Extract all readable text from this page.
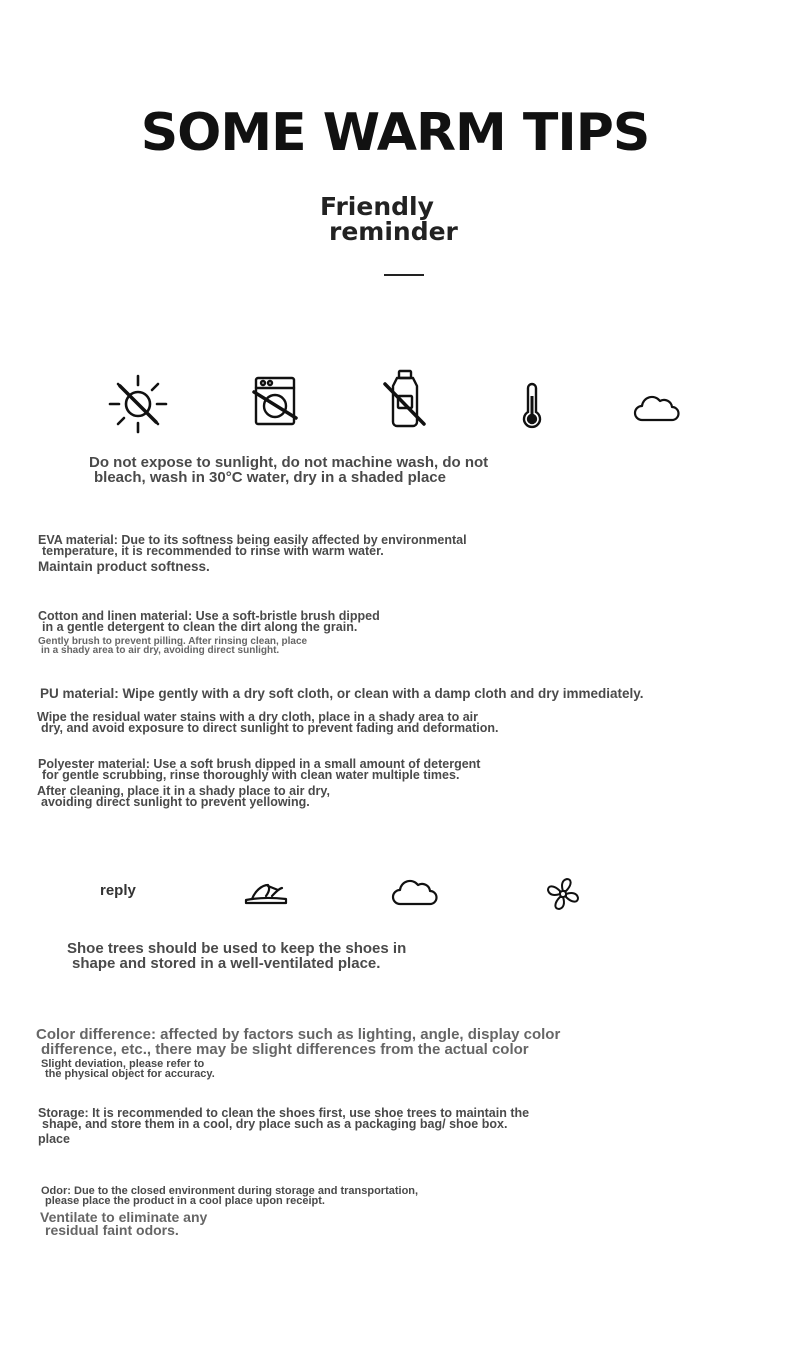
SOME WARM TIPS
Friendly
reminder
Do not expose to sunlight, do not machine wash, do not
bleach, wash in 30°C water, dry in a shaded place
EVA material: Due to its softness being easily affected by environmental
temperature, it is recommended to rinse with warm water.
Maintain product softness.
Cotton and linen material: Use a soft-bristle brush dipped
in a gentle detergent to clean the dirt along the grain.
Gently brush to prevent pilling. After rinsing clean, place
in a shady area to air dry, avoiding direct sunlight.
PU material: Wipe gently with a dry soft cloth, or clean with a damp cloth and dry immediately.
Wipe the residual water stains with a dry cloth, place in a shady area to air
dry, and avoid exposure to direct sunlight to prevent fading and deformation.
Polyester material: Use a soft brush dipped in a small amount of detergent
for gentle scrubbing, rinse thoroughly with clean water multiple times.
After cleaning, place it in a shady place to air dry,
avoiding direct sunlight to prevent yellowing.
reply
Shoe trees should be used to keep the shoes in
shape and stored in a well-ventilated place.
Color difference: affected by factors such as lighting, angle, display color
difference, etc., there may be slight differences from the actual color
Slight deviation, please refer to
the physical object for accuracy.
Storage: It is recommended to clean the shoes first, use shoe trees to maintain the
shape, and store them in a cool, dry place such as a packaging bag/ shoe box.
place
Odor: Due to the closed environment during storage and transportation,
please place the product in a cool place upon receipt.
Ventilate to eliminate any
residual faint odors.
